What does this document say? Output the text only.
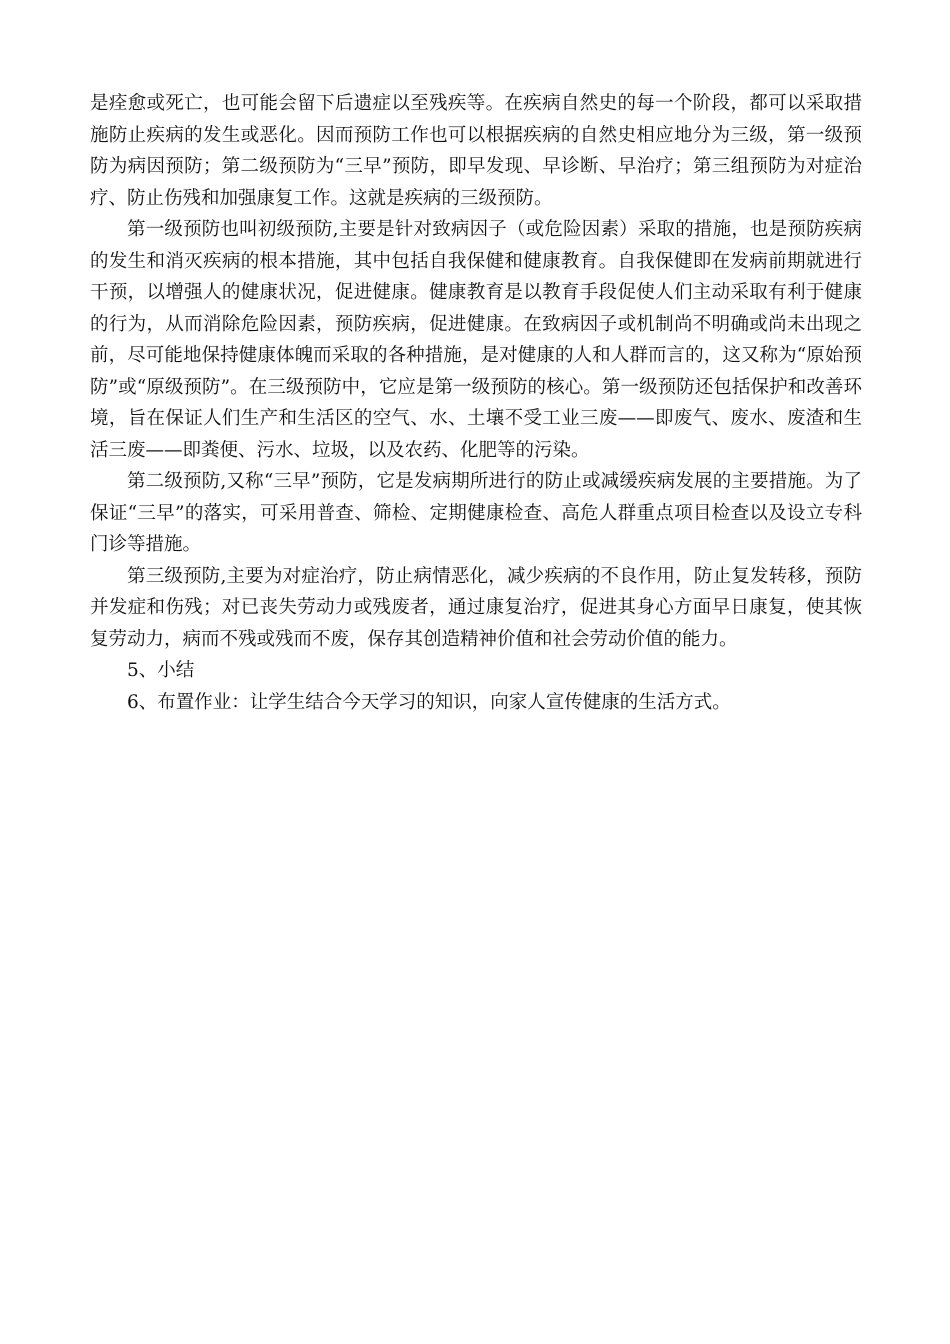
是痊愈或死亡，也可能会留下后遗症以至残疾等。在疾病自然史的每一个阶段，都可以采取措施防止疾病的发生或恶化。因而预防工作也可以根据疾病的自然史相应地分为三级，第一级预防为病因预防；第二级预防为“三早”预防，即早发现、早诊断、早治疗；第三组预防为对症治疗、防止伤残和加强康复工作。这就是疾病的三级预防。

第一级预防也叫初级预防,主要是针对致病因子（或危险因素）采取的措施，也是预防疾病的发生和消灭疾病的根本措施，其中包括自我保健和健康教育。自我保健即在发病前期就进行干预，以增强人的健康状况，促进健康。健康教育是以教育手段促使人们主动采取有利于健康的行为，从而消除危险因素，预防疾病，促进健康。在致病因子或机制尚不明确或尚未出现之前，尽可能地保持健康体魄而采取的各种措施，是对健康的人和人群而言的，这又称为“原始预防”或“原级预防”。在三级预防中，它应是第一级预防的核心。第一级预防还包括保护和改善环境，旨在保证人们生产和生活区的空气、水、土壤不受工业三废——即废气、废水、废渣和生活三废——即粪便、污水、垃圾，以及农药、化肥等的污染。

第二级预防,又称“三早”预防，它是发病期所进行的防止或减缓疾病发展的主要措施。为了保证“三早”的落实，可采用普查、筛检、定期健康检查、高危人群重点项目检查以及设立专科门诊等措施。

第三级预防,主要为对症治疗，防止病情恶化，减少疾病的不良作用，防止复发转移，预防并发症和伤残；对已丧失劳动力或残废者，通过康复治疗，促进其身心方面早日康复，使其恢复劳动力，病而不残或残而不废，保存其创造精神价值和社会劳动价值的能力。

5、小结

6、布置作业：让学生结合今天学习的知识，向家人宣传健康的生活方式。
